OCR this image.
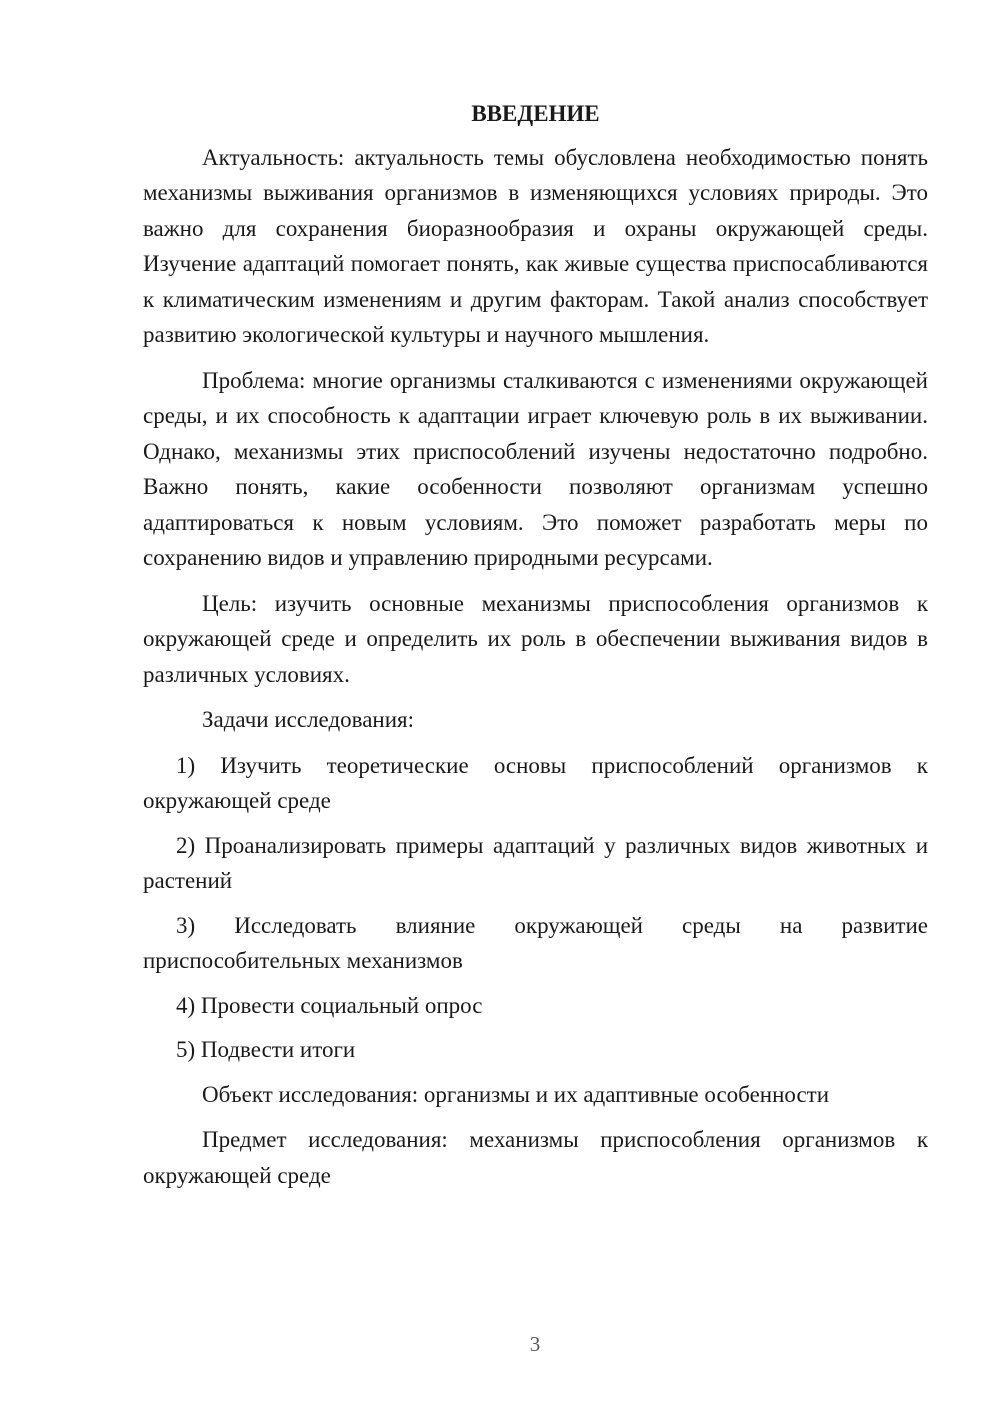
ВВЕДЕНИЕ

Актуальность: актуальность темы обусловлена необходимостью понять механизмы выживания организмов в изменяющихся условиях природы. Это важно для сохранения биоразнообразия и охраны окружающей среды. Изучение адаптаций помогает понять, как живые существа приспосабливаются к климатическим изменениям и другим факторам. Такой анализ способствует развитию экологической культуры и научного мышления.

Проблема: многие организмы сталкиваются с изменениями окружающей среды, и их способность к адаптации играет ключевую роль в их выживании. Однако, механизмы этих приспособлений изучены недостаточно подробно. Важно понять, какие особенности позволяют организмам успешно адаптироваться к новым условиям. Это поможет разработать меры по сохранению видов и управлению природными ресурсами.

Цель: изучить основные механизмы приспособления организмов к окружающей среде и определить их роль в обеспечении выживания видов в различных условиях.

Задачи исследования:

1) Изучить теоретические основы приспособлений организмов к окружающей среде

2) Проанализировать примеры адаптаций у различных видов животных и растений

3) Исследовать влияние окружающей среды на развитие приспособительных механизмов

4) Провести социальный опрос

5) Подвести итоги

Объект исследования: организмы и их адаптивные особенности

Предмет исследования: механизмы приспособления организмов к окружающей среде

3
